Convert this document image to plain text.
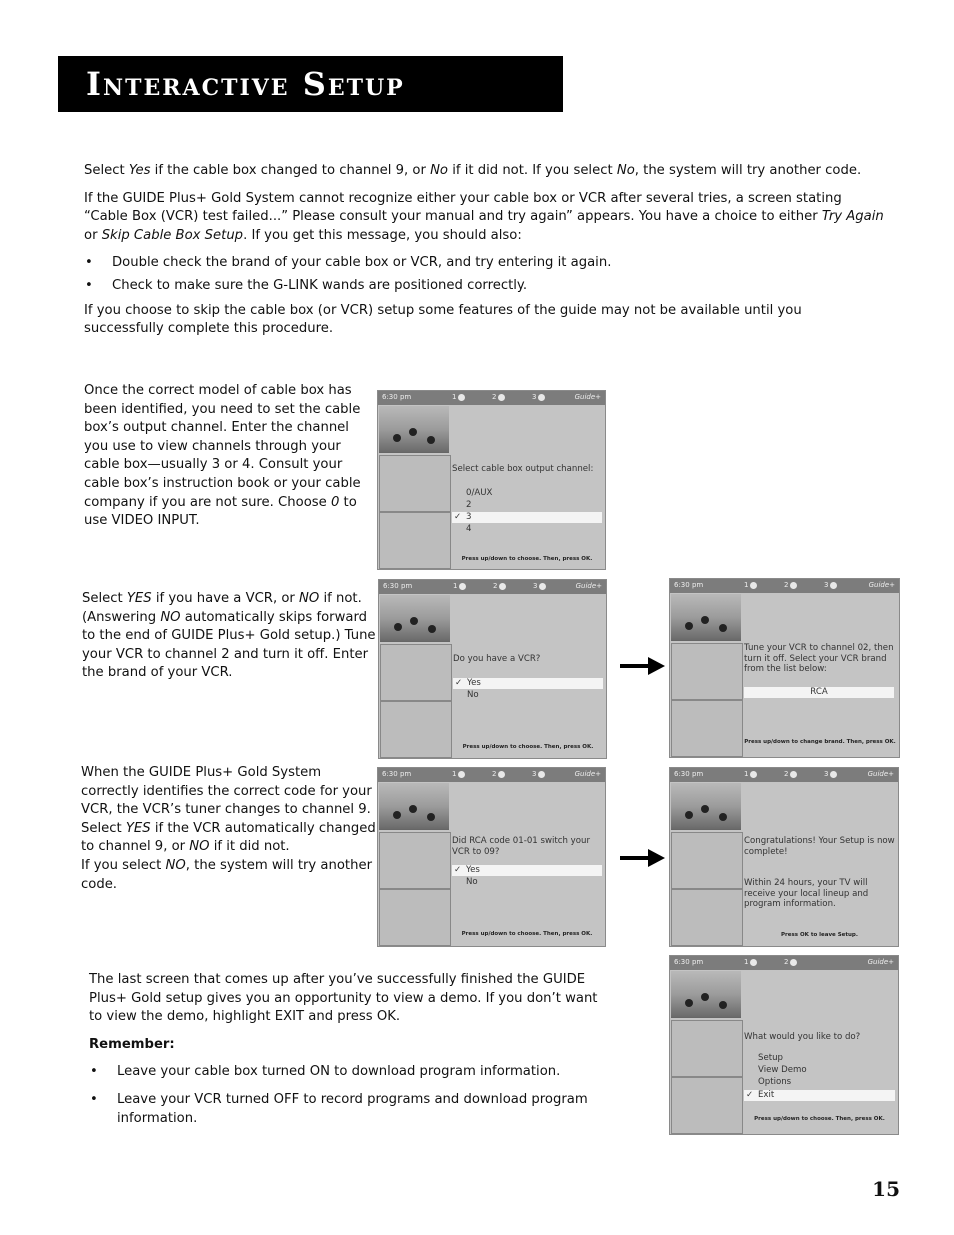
Interactive Setup

Select Yes if the cable box changed to channel 9, or No if it did not. If you select No, the system will try another code.

If the GUIDE Plus+ Gold System cannot recognize either your cable box or VCR after several tries, a screen stating “Cable Box (VCR) test failed...” Please consult your manual and try again” appears. You have a choice to either Try Again or Skip Cable Box Setup. If you get this message, you should also:

• Double check the brand of your cable box or VCR, and try entering it again.
• Check to make sure the G-LINK wands are positioned correctly.

If you choose to skip the cable box (or VCR) setup some features of the guide may not be available until you successfully complete this procedure.

Once the correct model of cable box has been identified, you need to set the cable box’s output channel. Enter the channel you use to view channels through your cable box—usually 3 or 4. Consult your cable box’s instruction book or your cable company if you are not sure. Choose 0 to use VIDEO INPUT.
Select YES if you have a VCR, or NO if not. (Answering NO automatically skips forward to the end of GUIDE Plus+ Gold setup.) Tune your VCR to channel 2 and turn it off. Enter the brand of your VCR.
When the GUIDE Plus+ Gold System correctly identifies the correct code for your VCR, the VCR’s tuner changes to channel 9.
Select YES if the VCR automatically changed to channel 9, or NO if it did not.
If you select NO, the system will try another code.
6:30 pm	1	2	3	Guide+
Select cable box output channel:
0/AUX
2
✓ 3
4
Press up/down to choose. Then, press OK.
6:30 pm	1	2	3	Guide+
Do you have a VCR?
✓ Yes
No
Press up/down to choose. Then, press OK.
6:30 pm	1	2	3	Guide+
Tune your VCR to channel 02, then turn it off. Select your VCR brand from the list below:
RCA
Press up/down to change brand. Then, press OK.
6:30 pm	1	2	3	Guide+
Did RCA code 01-01 switch your VCR to 09?
✓ Yes
No
Press up/down to choose. Then, press OK.
6:30 pm	1	2	3	Guide+
Congratulations! Your Setup is now complete!
Within 24 hours, your TV will receive your local lineup and program information.
Press OK to leave Setup.
6:30 pm	1	2	Guide+
What would you like to do?
Setup
View Demo
Options
✓ Exit
Press up/down to choose. Then, press OK.

The last screen that comes up after you’ve successfully finished the GUIDE Plus+ Gold setup gives you an opportunity to view a demo. If you don’t want to view the demo, highlight EXIT and press OK.

Remember:

• Leave your cable box turned ON to download program information.
• Leave your VCR turned OFF to record programs and download program information.
15
